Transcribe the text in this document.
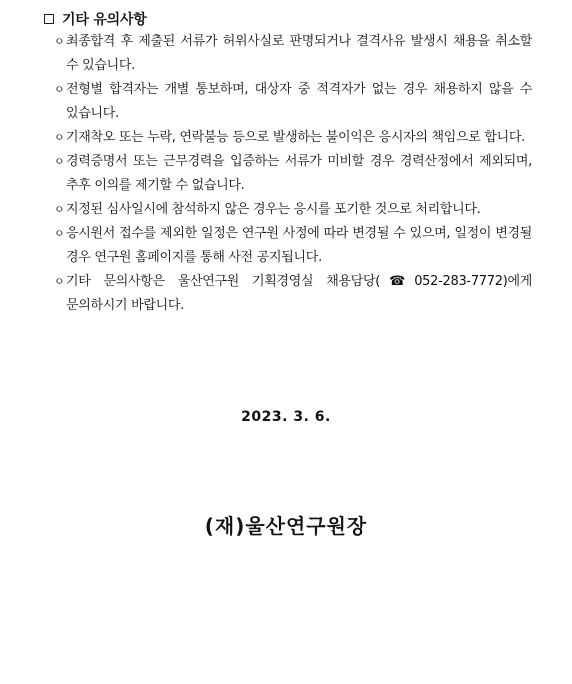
기타 유의사항
ㅇ 최종합격 후 제출된 서류가 허위사실로 판명되거나 결격사유 발생시 채용을 취소할 수 있습니다.
ㅇ 전형별 합격자는 개별 통보하며, 대상자 중 적격자가 없는 경우 채용하지 않을 수 있습니다.
ㅇ 기재착오 또는 누락, 연락불능 등으로 발생하는 불이익은 응시자의 책임으로 합니다.
ㅇ 경력증명서 또는 근무경력을 입증하는 서류가 미비할 경우 경력산정에서 제외되며, 추후 이의를 제기할 수 없습니다.
ㅇ 지정된 심사일시에 참석하지 않은 경우는 응시를 포기한 것으로 처리합니다.
ㅇ 응시원서 접수를 제외한 일정은 연구원 사정에 따라 변경될 수 있으며, 일정이 변경될 경우 연구원 홈페이지를 통해 사전 공지됩니다.
ㅇ 기타 문의사항은 울산연구원 기획경영실 채용담당(☎052-283-7772)에게 문의하시기 바랍니다.
2023. 3. 6.
(재)울산연구원장
